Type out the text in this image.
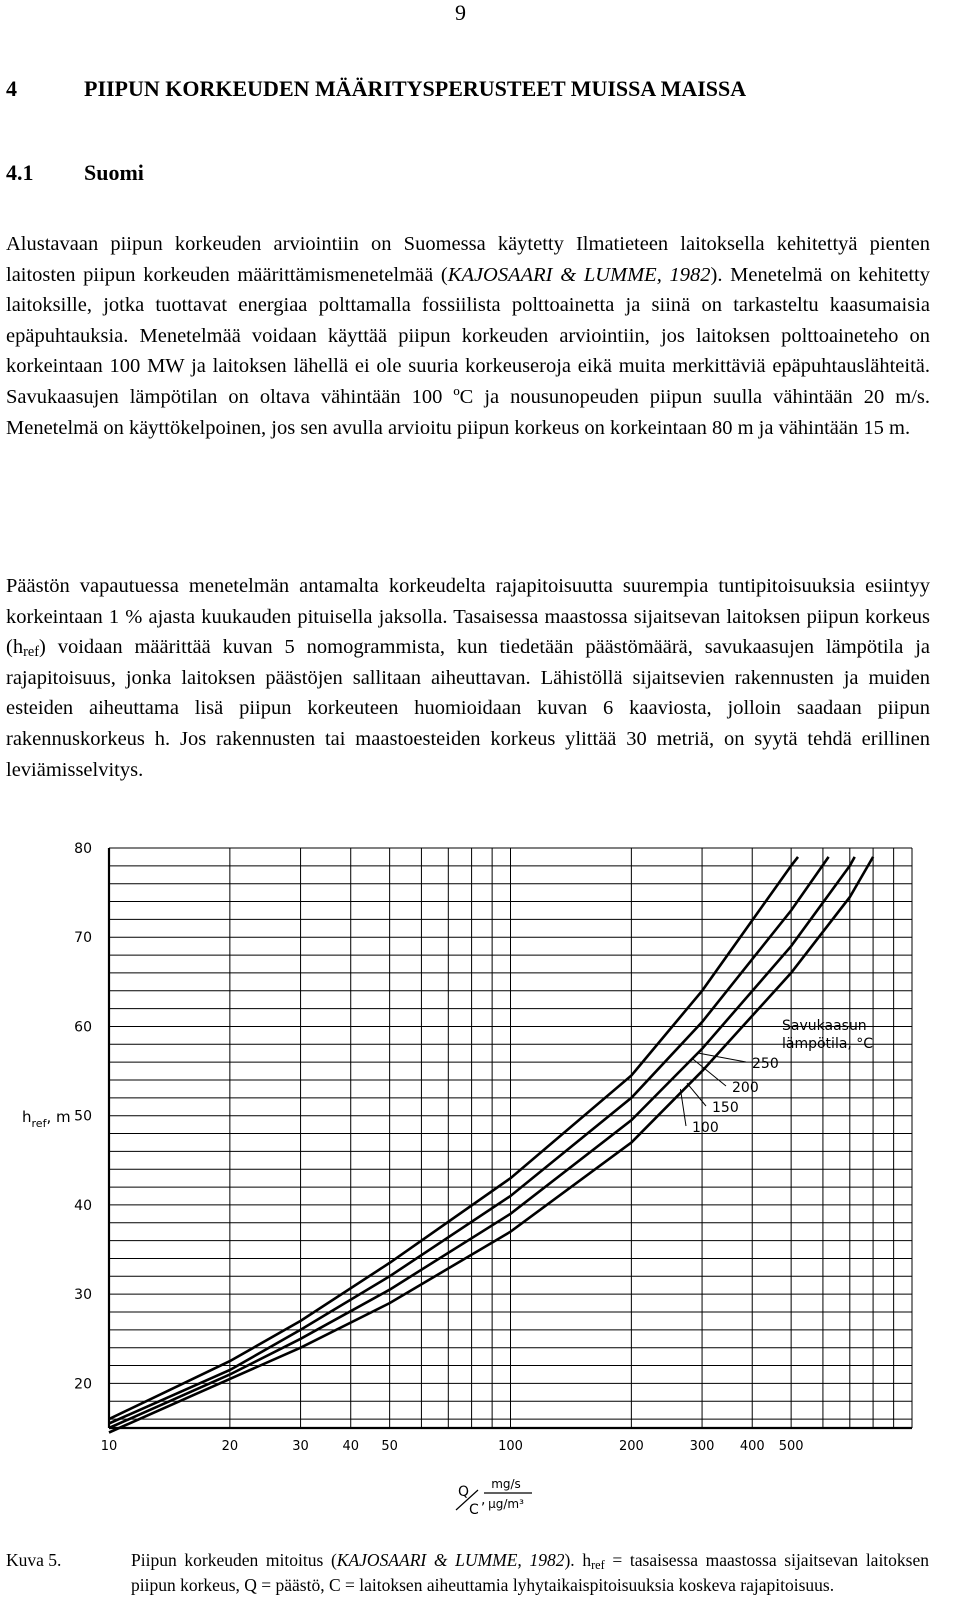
9
4	PIIPUN KORKEUDEN MÄÄRITYSPERUSTEET MUISSA MAISSA
4.1 Suomi

Alustavaan piipun korkeuden arviointiin on Suomessa käytetty Ilmatieteen laitoksella kehitettyä pienten laitosten piipun korkeuden määrittämismenetelmää (KAJOSAARI & LUMME, 1982). Menetelmä on kehitetty laitoksille, jotka tuottavat energiaa polttamalla fossiilista polttoainetta ja siinä on tarkasteltu kaasumaisia epäpuhtauksia. Menetelmää voidaan käyttää piipun korkeuden arviointiin, jos laitoksen polttoaineteho on korkeintaan 100 MW ja laitoksen lähellä ei ole suuria korkeuseroja eikä muita merkittäviä epäpuhtauslähteitä. Savukaasujen lämpötilan on oltava vähintään 100 ºC ja nousunopeuden piipun suulla vähintään 20 m/s. Menetelmä on käyttökelpoinen, jos sen avulla arvioitu piipun korkeus on korkeintaan 80 m ja vähintään 15 m.

Päästön vapautuessa menetelmän antamalta korkeudelta rajapitoisuutta suurempia tuntipitoisuuksia esiintyy korkeintaan 1 % ajasta kuukauden pituisella jaksolla. Tasaisessa maastossa sijaitsevan laitoksen piipun korkeus $(h_{ref})$ voidaan määrittää kuvan 5 nomogrammista, kun tiedetään päästömäärä, savukaasujen lämpötila ja rajapitoisuus, jonka laitoksen päästöjen sallitaan aiheuttavan. Lähistöllä sijaitsevien rakennusten ja muiden esteiden aiheuttama lisä piipun korkeuteen huomioidaan kuvan 6 kaaviosta, jolloin saadaan piipun rakennuskorkeus h. Jos rakennusten tai maastoesteiden korkeus ylittää 30 metriä, on syytä tehdä erillinen leviämisselvitys.

20
30
40
50
60
70
80
10	20	30	40 50	100	200	300 400 500
250
200
150
100
$h_{ref}$, m
Q
C
,
mg/s
μg/m³
Savukaasun
lämpötila, °C
Kuva 5.	Piipun korkeuden mitoitus (KAJOSAARI & LUMME, 1982). $h_{ref}$ = tasaisessa maastossa sijaitsevan laitoksen piipun korkeus, Q = päästö, C = laitoksen aiheuttamia lyhytaikaispitoisuuksia koskeva rajapitoisuus.
